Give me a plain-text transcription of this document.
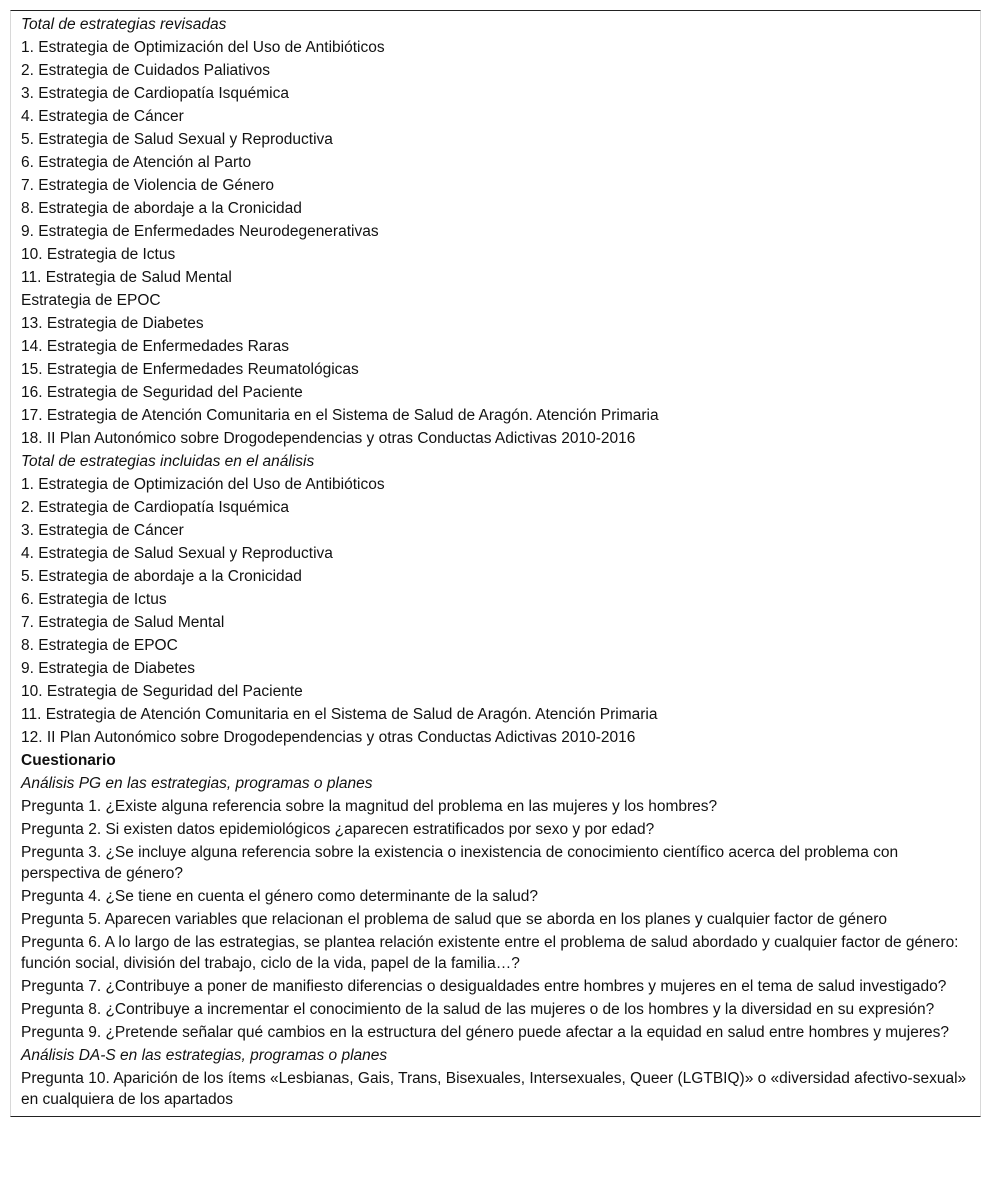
Total de estrategias revisadas
1. Estrategia de Optimización del Uso de Antibióticos
2. Estrategia de Cuidados Paliativos
3. Estrategia de Cardiopatía Isquémica
4. Estrategia de Cáncer
5. Estrategia de Salud Sexual y Reproductiva
6. Estrategia de Atención al Parto
7. Estrategia de Violencia de Género
8. Estrategia de abordaje a la Cronicidad
9. Estrategia de Enfermedades Neurodegenerativas
10. Estrategia de Ictus
11. Estrategia de Salud Mental
Estrategia de EPOC
13. Estrategia de Diabetes
14. Estrategia de Enfermedades Raras
15. Estrategia de Enfermedades Reumatológicas
16. Estrategia de Seguridad del Paciente
17. Estrategia de Atención Comunitaria en el Sistema de Salud de Aragón. Atención Primaria
18. II Plan Autonómico sobre Drogodependencias y otras Conductas Adictivas 2010-2016
Total de estrategias incluidas en el análisis
1. Estrategia de Optimización del Uso de Antibióticos
2. Estrategia de Cardiopatía Isquémica
3. Estrategia de Cáncer
4. Estrategia de Salud Sexual y Reproductiva
5. Estrategia de abordaje a la Cronicidad
6. Estrategia de Ictus
7. Estrategia de Salud Mental
8. Estrategia de EPOC
9. Estrategia de Diabetes
10. Estrategia de Seguridad del Paciente
11. Estrategia de Atención Comunitaria en el Sistema de Salud de Aragón. Atención Primaria
12. II Plan Autonómico sobre Drogodependencias y otras Conductas Adictivas 2010-2016
Cuestionario
Análisis PG en las estrategias, programas o planes
Pregunta 1. ¿Existe alguna referencia sobre la magnitud del problema en las mujeres y los hombres?
Pregunta 2. Si existen datos epidemiológicos ¿aparecen estratificados por sexo y por edad?
Pregunta 3. ¿Se incluye alguna referencia sobre la existencia o inexistencia de conocimiento científico acerca del problema con perspectiva de género?
Pregunta 4. ¿Se tiene en cuenta el género como determinante de la salud?
Pregunta 5. Aparecen variables que relacionan el problema de salud que se aborda en los planes y cualquier factor de género
Pregunta 6. A lo largo de las estrategias, se plantea relación existente entre el problema de salud abordado y cualquier factor de género: función social, división del trabajo, ciclo de la vida, papel de la familia…?
Pregunta 7. ¿Contribuye a poner de manifiesto diferencias o desigualdades entre hombres y mujeres en el tema de salud investigado?
Pregunta 8. ¿Contribuye a incrementar el conocimiento de la salud de las mujeres o de los hombres y la diversidad en su expresión?
Pregunta 9. ¿Pretende señalar qué cambios en la estructura del género puede afectar a la equidad en salud entre hombres y mujeres?
Análisis DA-S en las estrategias, programas o planes
Pregunta 10. Aparición de los ítems «Lesbianas, Gais, Trans, Bisexuales, Intersexuales, Queer (LGTBIQ)» o «diversidad afectivo-sexual» en cualquiera de los apartados
